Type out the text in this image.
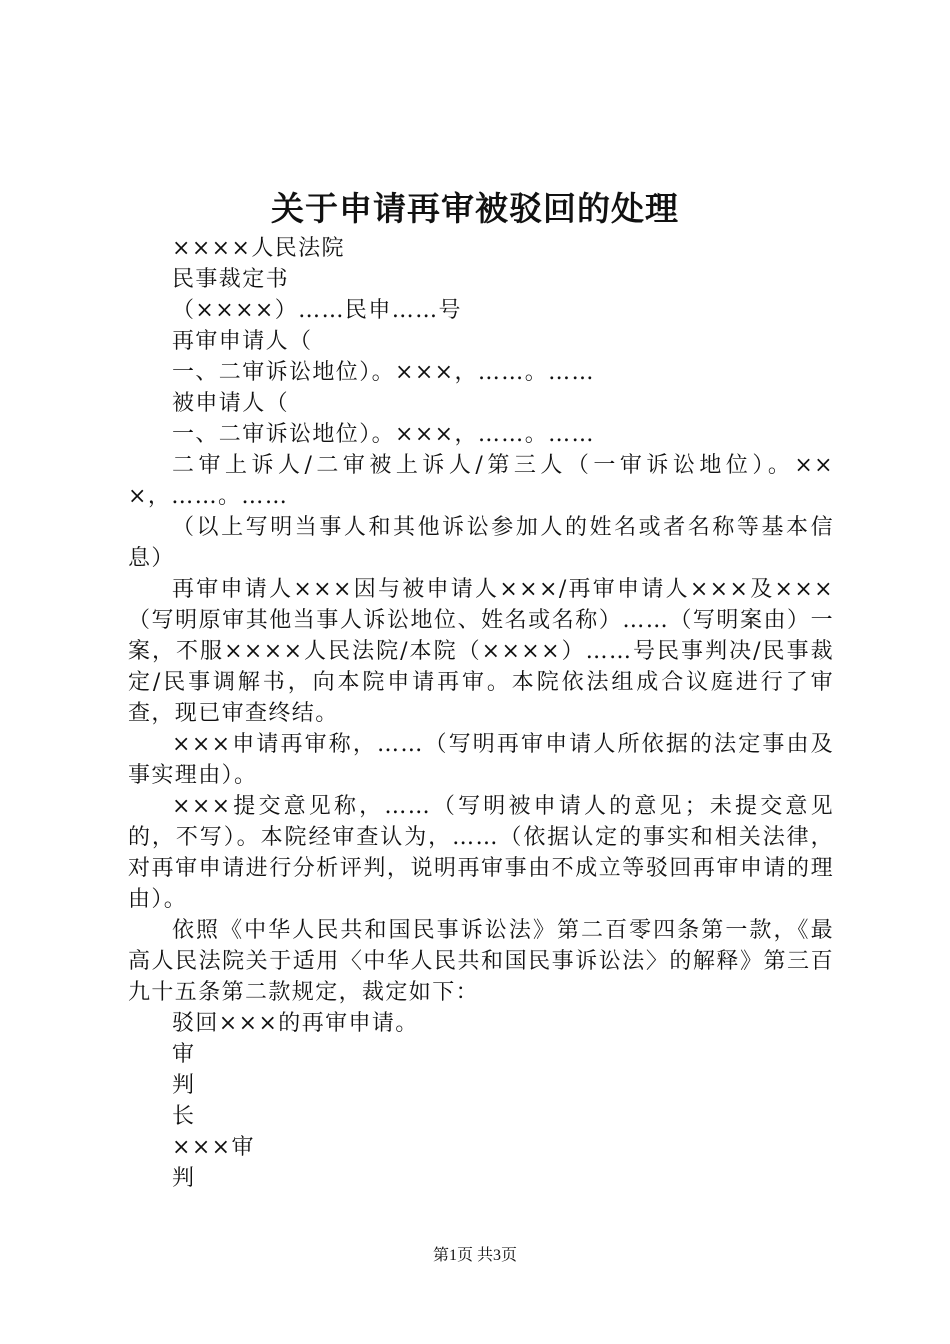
关于申请再审被驳回的处理

××××人民法院

民事裁定书

（××××）……民申……号

再审申请人（

一、二审诉讼地位）。×××，……。……

被申请人（

一、二审诉讼地位）。×××，……。……

二审上诉人/二审被上诉人/第三人（一审诉讼地位）。×××，……。……

（以上写明当事人和其他诉讼参加人的姓名或者名称等基本信息）

再审申请人×××因与被申请人×××/再审申请人×××及×××（写明原审其他当事人诉讼地位、姓名或名称）……（写明案由）一案，不服××××人民法院/本院（××××）……号民事判决/民事裁定/民事调解书，向本院申请再审。本院依法组成合议庭进行了审查，现已审查终结。

×××申请再审称，……（写明再审申请人所依据的法定事由及事实理由）。

×××提交意见称，……（写明被申请人的意见；未提交意见的，不写）。本院经审查认为，……（依据认定的事实和相关法律，对再审申请进行分析评判，说明再审事由不成立等驳回再审申请的理由）。

依照《中华人民共和国民事诉讼法》第二百零四条第一款，《最高人民法院关于适用〈中华人民共和国民事诉讼法〉的解释》第三百九十五条第二款规定，裁定如下：

驳回×××的再审申请。

审

判

长

×××审

判

第1页 共3页
